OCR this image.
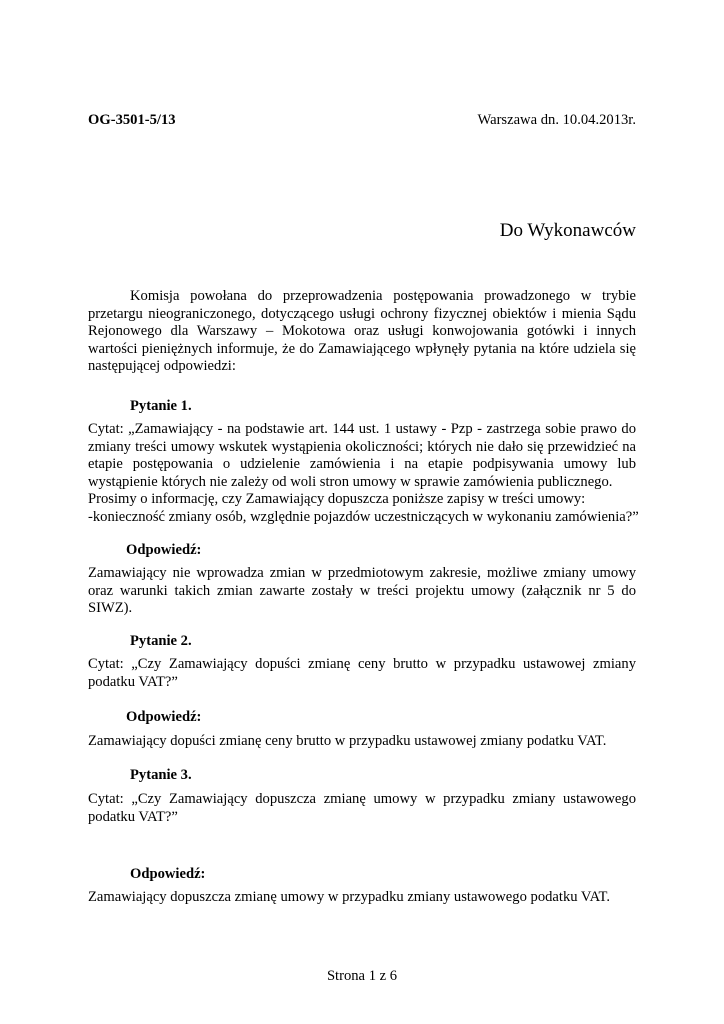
OG-3501-5/13	Warszawa dn. 10.04.2013r.
Do Wykonawców
Komisja powołana do przeprowadzenia postępowania prowadzonego w trybie
przetargu nieograniczonego, dotyczącego usługi ochrony fizycznej obiektów i mienia Sądu
Rejonowego dla Warszawy – Mokotowa oraz usługi konwojowania gotówki i innych
wartości pieniężnych informuje, że do Zamawiającego wpłynęły pytania na które udziela się
następującej odpowiedzi:
Pytanie 1.
Cytat: „Zamawiający - na podstawie art. 144 ust. 1 ustawy - Pzp - zastrzega sobie prawo do
zmiany treści umowy wskutek wystąpienia okoliczności; których nie dało się przewidzieć na
etapie postępowania o udzielenie zamówienia i na etapie podpisywania umowy lub
wystąpienie których nie zależy od woli stron umowy w sprawie zamówienia publicznego.
Prosimy o informację, czy Zamawiający dopuszcza poniższe zapisy w treści umowy:
-konieczność zmiany osób, względnie pojazdów uczestniczących w wykonaniu zamówienia?”
Odpowiedź:
Zamawiający nie wprowadza zmian w przedmiotowym zakresie, możliwe zmiany umowy
oraz warunki takich zmian zawarte zostały w treści projektu umowy (załącznik nr 5 do
SIWZ).
Pytanie 2.
Cytat: „Czy Zamawiający dopuści zmianę ceny brutto w przypadku ustawowej zmiany
podatku VAT?”
Odpowiedź:
Zamawiający dopuści zmianę ceny brutto w przypadku ustawowej zmiany podatku VAT.
Pytanie 3.
Cytat: „Czy Zamawiający dopuszcza zmianę umowy w przypadku zmiany ustawowego
podatku VAT?”
Odpowiedź:
Zamawiający dopuszcza zmianę umowy w przypadku zmiany ustawowego podatku VAT.
Strona 1 z 6
